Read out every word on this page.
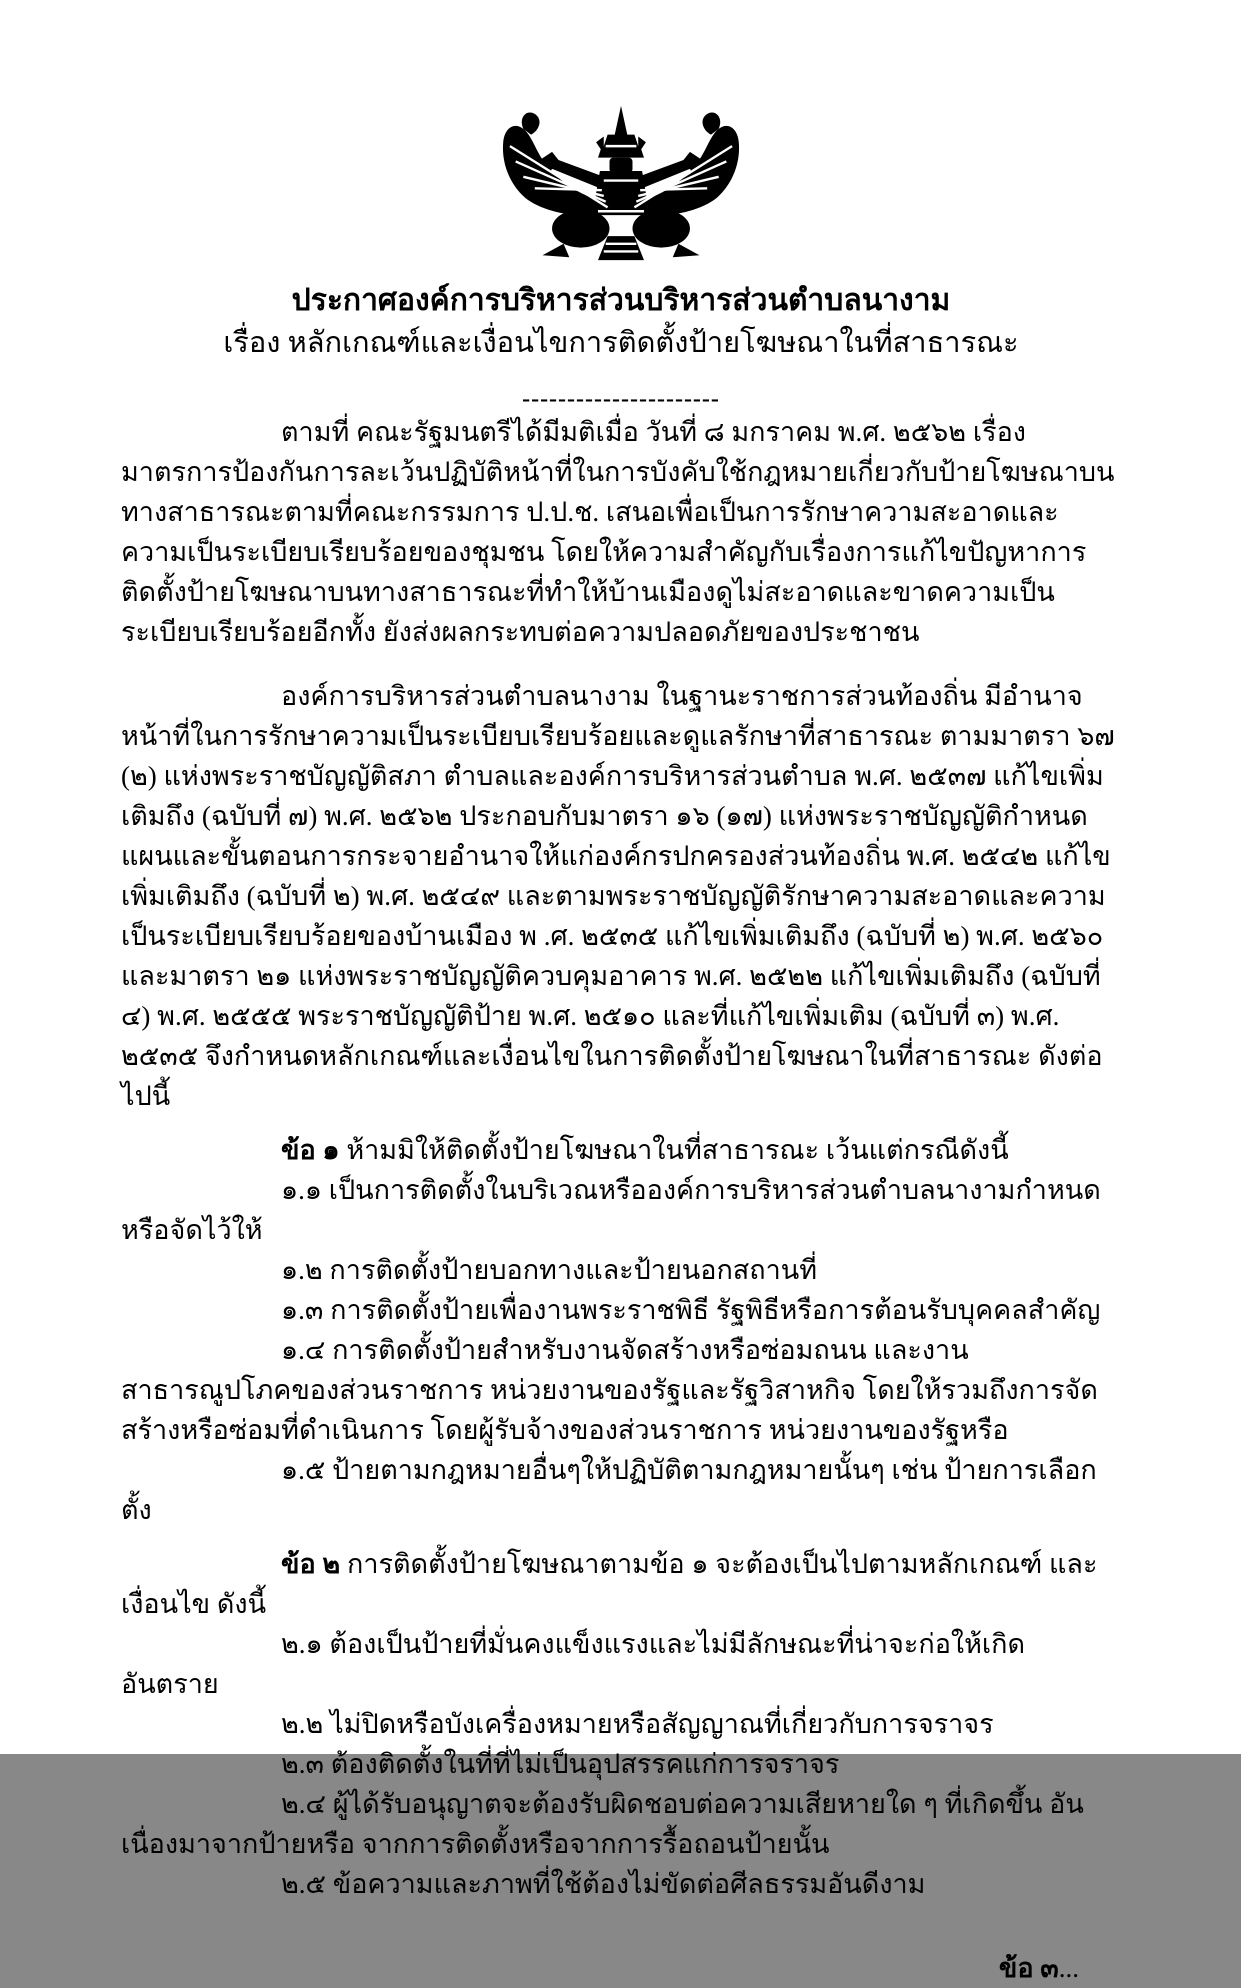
ประกาศองค์การบริหารส่วนบริหารส่วนตำบลนางาม
เรื่อง หลักเกณฑ์และเงื่อนไขการติดตั้งป้ายโฆษณาในที่สาธารณะ
----------------------

ตามที่ คณะรัฐมนตรีได้มีมติเมื่อ วันที่ ๘ มกราคม พ.ศ. ๒๕๖๒ เรื่องมาตรการป้องกันการละเว้นปฏิบัติหน้าที่ในการบังคับใช้กฎหมายเกี่ยวกับป้ายโฆษณาบนทางสาธารณะตามที่คณะกรรมการ ป.ป.ช. เสนอเพื่อเป็นการรักษาความสะอาดและความเป็นระเบียบเรียบร้อยของชุมชน โดยให้ความสำคัญกับเรื่องการแก้ไขปัญหาการติดตั้งป้ายโฆษณาบนทางสาธารณะที่ทำให้บ้านเมืองดูไม่สะอาดและขาดความเป็นระเบียบเรียบร้อยอีกทั้ง ยังส่งผลกระทบต่อความปลอดภัยของประชาชน

องค์การบริหารส่วนตำบลนางาม ในฐานะราชการส่วนท้องถิ่น มีอำนาจหน้าที่ในการรักษาความเป็นระเบียบเรียบร้อยและดูแลรักษาที่สาธารณะ ตามมาตรา ๖๗ (๒) แห่งพระราชบัญญัติสภา ตำบลและองค์การบริหารส่วนตำบล พ.ศ. ๒๕๓๗ แก้ไขเพิ่มเติมถึง (ฉบับที่ ๗) พ.ศ. ๒๕๖๒ ประกอบกับมาตรา ๑๖ (๑๗) แห่งพระราชบัญญัติกำหนดแผนและขั้นตอนการกระจายอำนาจให้แก่องค์กรปกครองส่วนท้องถิ่น พ.ศ. ๒๕๔๒ แก้ไขเพิ่มเติมถึง (ฉบับที่ ๒) พ.ศ. ๒๕๔๙ และตามพระราชบัญญัติรักษาความสะอาดและความเป็นระเบียบเรียบร้อยของบ้านเมือง พ .ศ. ๒๕๓๕ แก้ไขเพิ่มเติมถึง (ฉบับที่ ๒) พ.ศ. ๒๕๖๐ และมาตรา ๒๑ แห่งพระราชบัญญัติควบคุมอาคาร พ.ศ. ๒๕๒๒ แก้ไขเพิ่มเติมถึง (ฉบับที่ ๔) พ.ศ. ๒๕๕๕ พระราชบัญญัติป้าย พ.ศ. ๒๕๑๐ และที่แก้ไขเพิ่มเติม (ฉบับที่ ๓) พ.ศ. ๒๕๓๕ จึงกำหนดหลักเกณฑ์และเงื่อนไขในการติดตั้งป้ายโฆษณาในที่สาธารณะ ดังต่อไปนี้

ข้อ ๑ ห้ามมิให้ติดตั้งป้ายโฆษณาในที่สาธารณะ เว้นแต่กรณีดังนี้

๑.๑ เป็นการติดตั้งในบริเวณหรือองค์การบริหารส่วนตำบลนางามกำหนดหรือจัดไว้ให้

๑.๒ การติดตั้งป้ายบอกทางและป้ายนอกสถานที่

๑.๓ การติดตั้งป้ายเพื่องานพระราชพิธี รัฐพิธีหรือการต้อนรับบุคคลสำคัญ

๑.๔ การติดตั้งป้ายสำหรับงานจัดสร้างหรือซ่อมถนน และงานสาธารณูปโภคของส่วนราชการ หน่วยงานของรัฐและรัฐวิสาหกิจ โดยให้รวมถึงการจัดสร้างหรือซ่อมที่ดำเนินการ โดยผู้รับจ้างของส่วนราชการ หน่วยงานของรัฐหรือ

๑.๕ ป้ายตามกฎหมายอื่นๆให้ปฏิบัติตามกฎหมายนั้นๆ เช่น ป้ายการเลือกตั้ง

ข้อ ๒ การติดตั้งป้ายโฆษณาตามข้อ ๑ จะต้องเป็นไปตามหลักเกณฑ์ และเงื่อนไข ดังนี้

๒.๑ ต้องเป็นป้ายที่มั่นคงแข็งแรงและไม่มีลักษณะที่น่าจะก่อให้เกิดอันตราย

๒.๒ ไม่ปิดหรือบังเครื่องหมายหรือสัญญาณที่เกี่ยวกับการจราจร

๒.๓ ต้องติดตั้งในที่ที่ไม่เป็นอุปสรรคแก่การจราจร

๒.๔ ผู้ได้รับอนุญาตจะต้องรับผิดชอบต่อความเสียหายใด ๆ ที่เกิดขึ้น อันเนื่องมาจากป้ายหรือ จากการติดตั้งหรือจากการรื้อถอนป้ายนั้น

๒.๕ ข้อความและภาพที่ใช้ต้องไม่ขัดต่อศีลธรรมอันดีงาม

ข้อ ๓...
